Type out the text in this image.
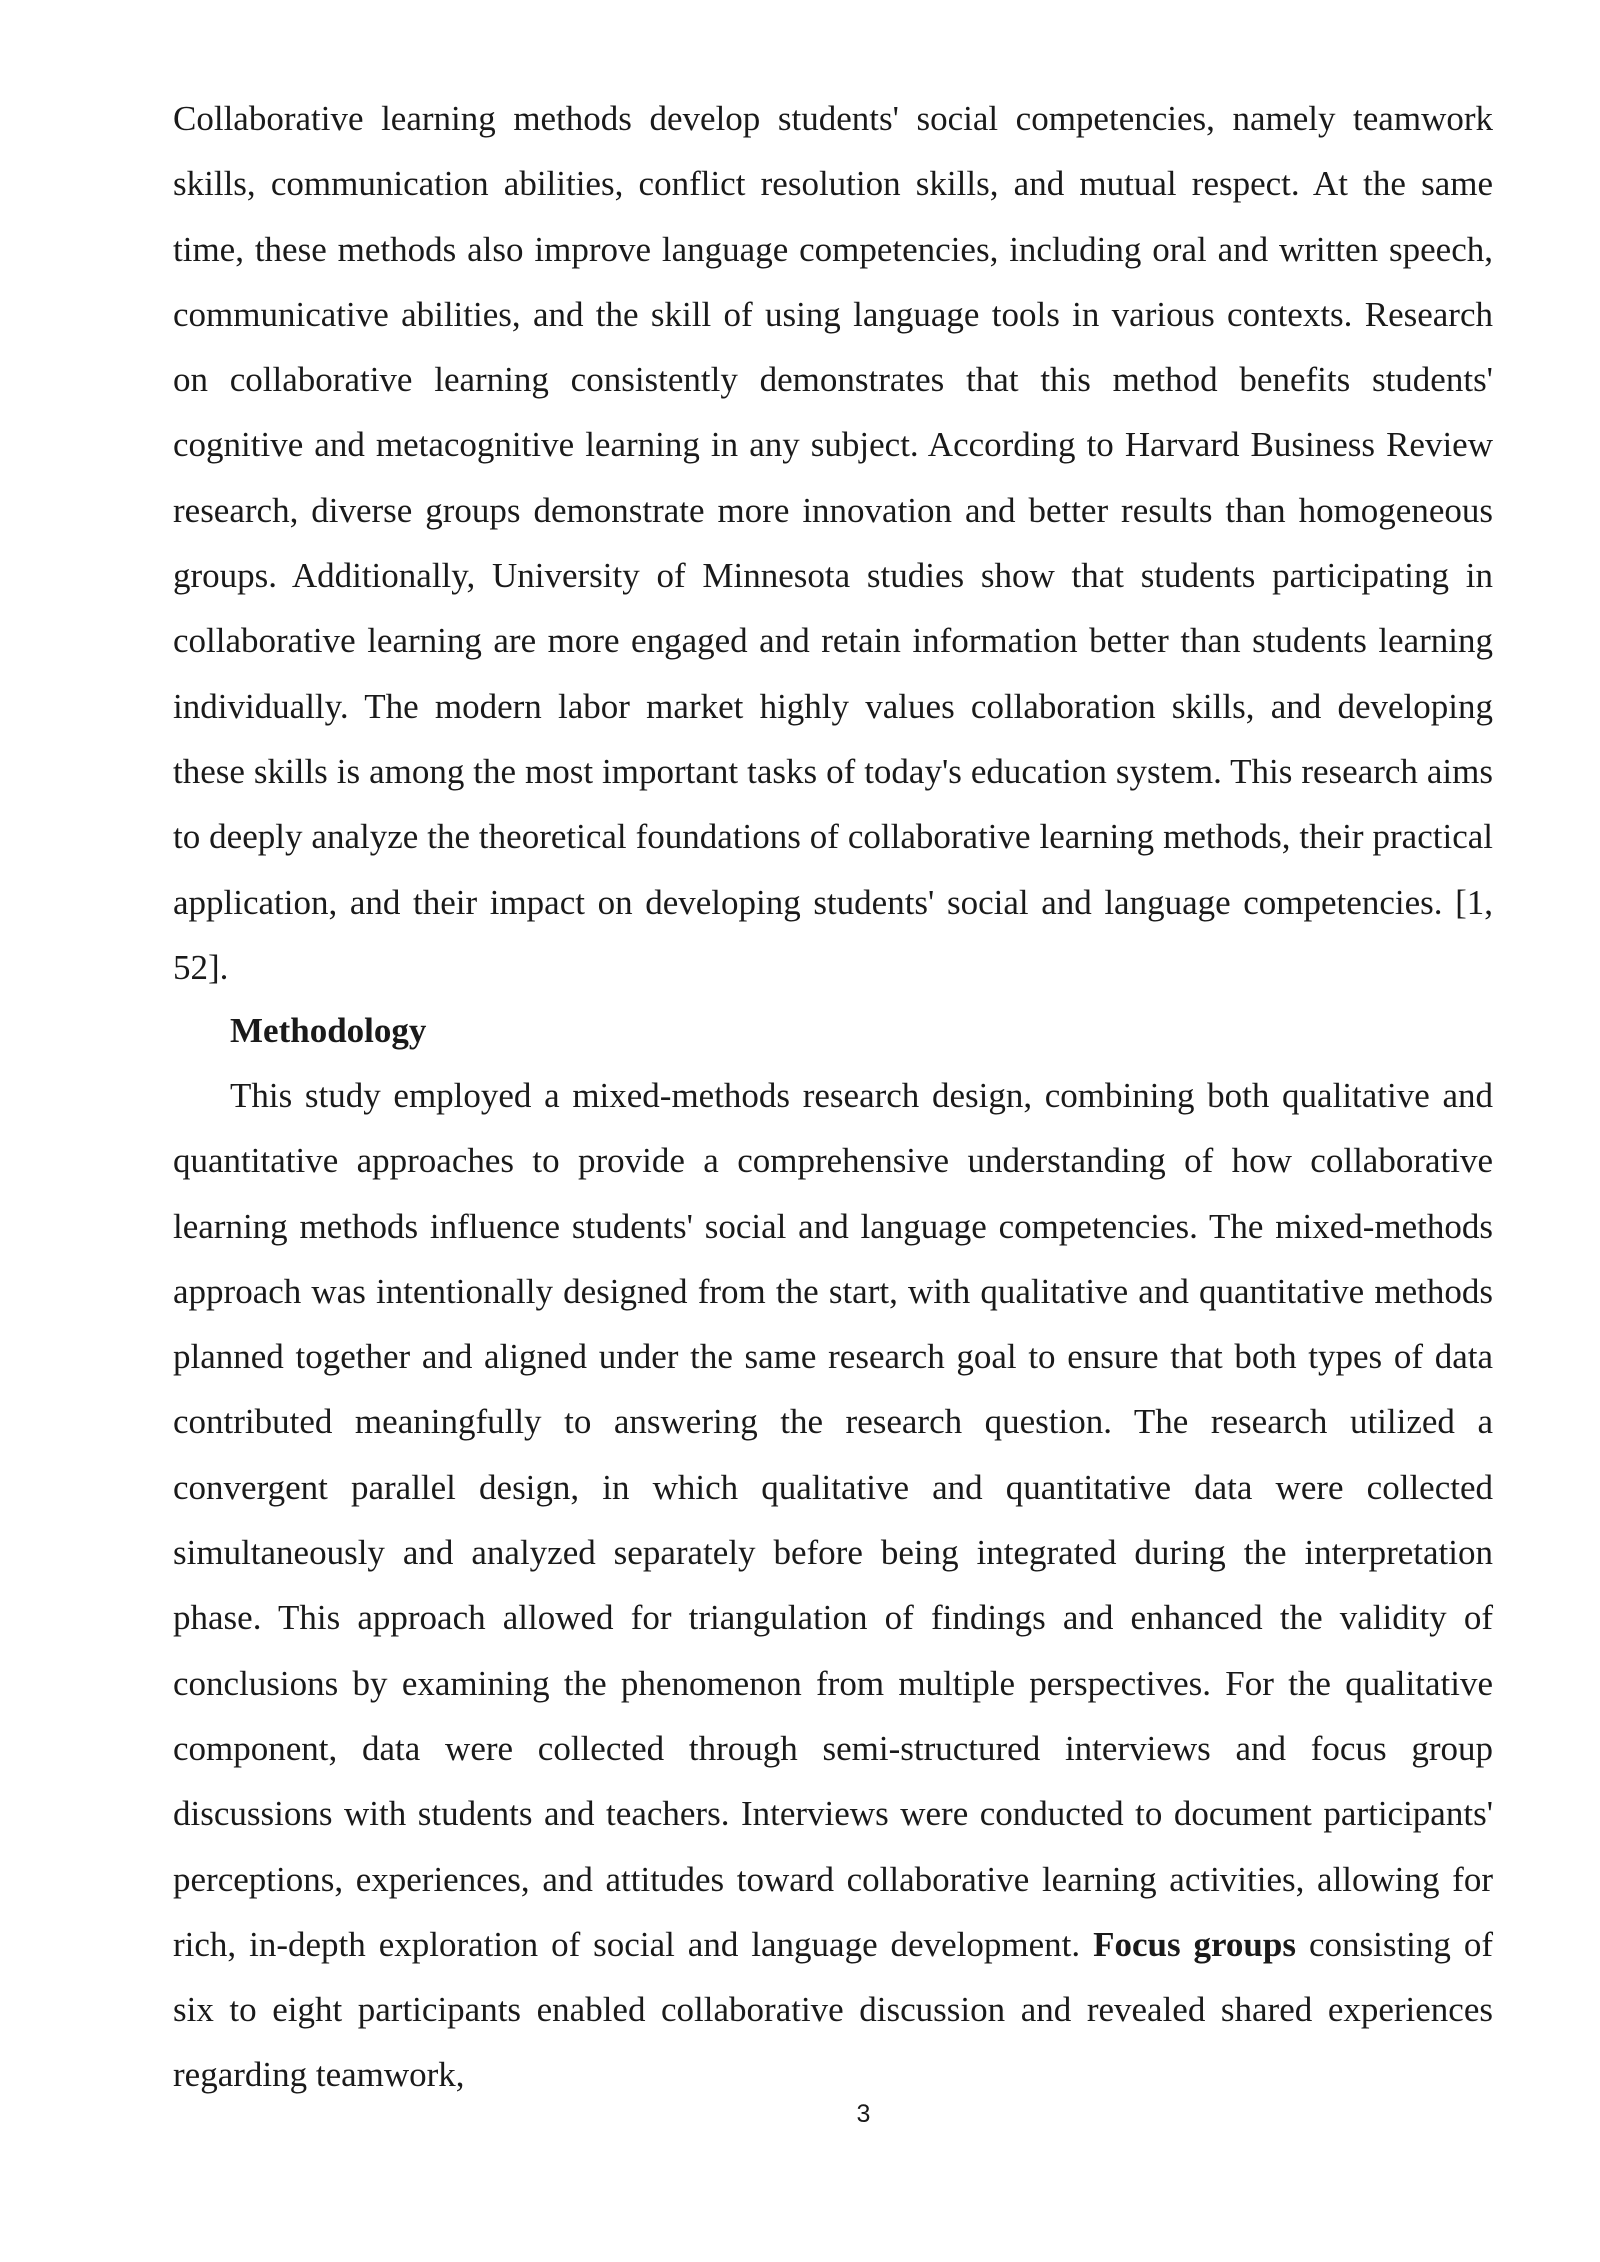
Collaborative learning methods develop students' social competencies, namely teamwork skills, communication abilities, conflict resolution skills, and mutual respect. At the same time, these methods also improve language competencies, including oral and written speech, communicative abilities, and the skill of using language tools in various contexts. Research on collaborative learning consistently demonstrates that this method benefits students' cognitive and metacognitive learning in any subject. According to Harvard Business Review research, diverse groups demonstrate more innovation and better results than homogeneous groups. Additionally, University of Minnesota studies show that students participating in collaborative learning are more engaged and retain information better than students learning individually. The modern labor market highly values collaboration skills, and developing these skills is among the most important tasks of today's education system. This research aims to deeply analyze the theoretical foundations of collaborative learning methods, their practical application, and their impact on developing students' social and language competencies. [1, 52].

Methodology

This study employed a mixed-methods research design, combining both qualitative and quantitative approaches to provide a comprehensive understanding of how collaborative learning methods influence students' social and language competencies. The mixed-methods approach was intentionally designed from the start, with qualitative and quantitative methods planned together and aligned under the same research goal to ensure that both types of data contributed meaningfully to answering the research question. The research utilized a convergent parallel design, in which qualitative and quantitative data were collected simultaneously and analyzed separately before being integrated during the interpretation phase. This approach allowed for triangulation of findings and enhanced the validity of conclusions by examining the phenomenon from multiple perspectives. For the qualitative component, data were collected through semi-structured interviews and focus group discussions with students and teachers. Interviews were conducted to document participants' perceptions, experiences, and attitudes toward collaborative learning activities, allowing for rich, in-depth exploration of social and language development. Focus groups consisting of six to eight participants enabled collaborative discussion and revealed shared experiences regarding teamwork,

3
